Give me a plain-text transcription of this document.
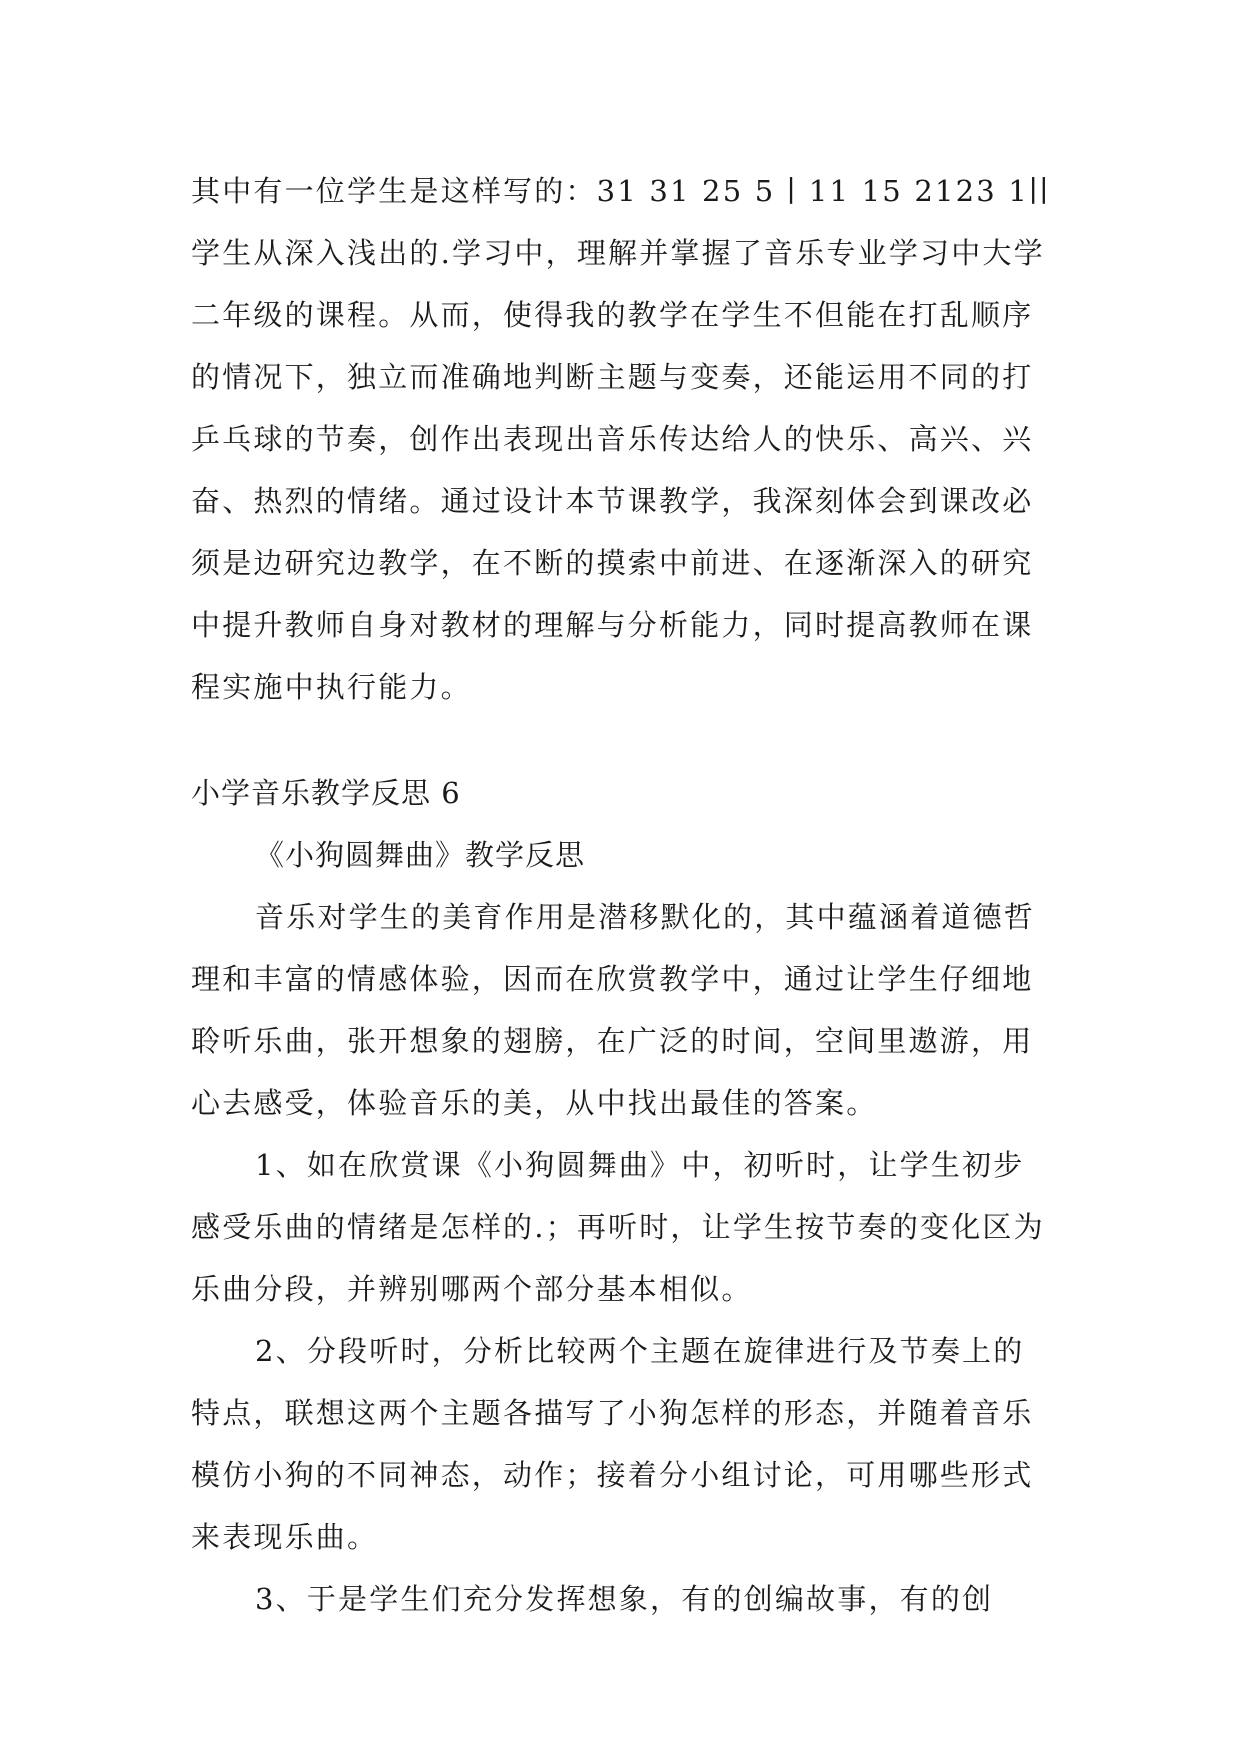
其中有一位学生是这样写的：31 31 25 5 ∣ 11 15 2123 1∣∣学生从深入浅出的.学习中，理解并掌握了音乐专业学习中大学二年级的课程。从而，使得我的教学在学生不但能在打乱顺序的情况下，独立而准确地判断主题与变奏，还能运用不同的打乒乓球的节奏，创作出表现出音乐传达给人的快乐、高兴、兴奋、热烈的情绪。通过设计本节课教学，我深刻体会到课改必须是边研究边教学，在不断的摸索中前进、在逐渐深入的研究中提升教师自身对教材的理解与分析能力，同时提高教师在课程实施中执行能力。

小学音乐教学反思 6

《小狗圆舞曲》教学反思

音乐对学生的美育作用是潜移默化的，其中蕴涵着道德哲理和丰富的情感体验，因而在欣赏教学中，通过让学生仔细地聆听乐曲，张开想象的翅膀，在广泛的时间，空间里遨游，用心去感受，体验音乐的美，从中找出最佳的答案。

1、如在欣赏课《小狗圆舞曲》中，初听时，让学生初步感受乐曲的情绪是怎样的.；再听时，让学生按节奏的变化区为乐曲分段，并辨别哪两个部分基本相似。

2、分段听时，分析比较两个主题在旋律进行及节奏上的特点，联想这两个主题各描写了小狗怎样的形态，并随着音乐模仿小狗的不同神态，动作；接着分小组讨论，可用哪些形式来表现乐曲。

3、于是学生们充分发挥想象，有的创编故事，有的创
